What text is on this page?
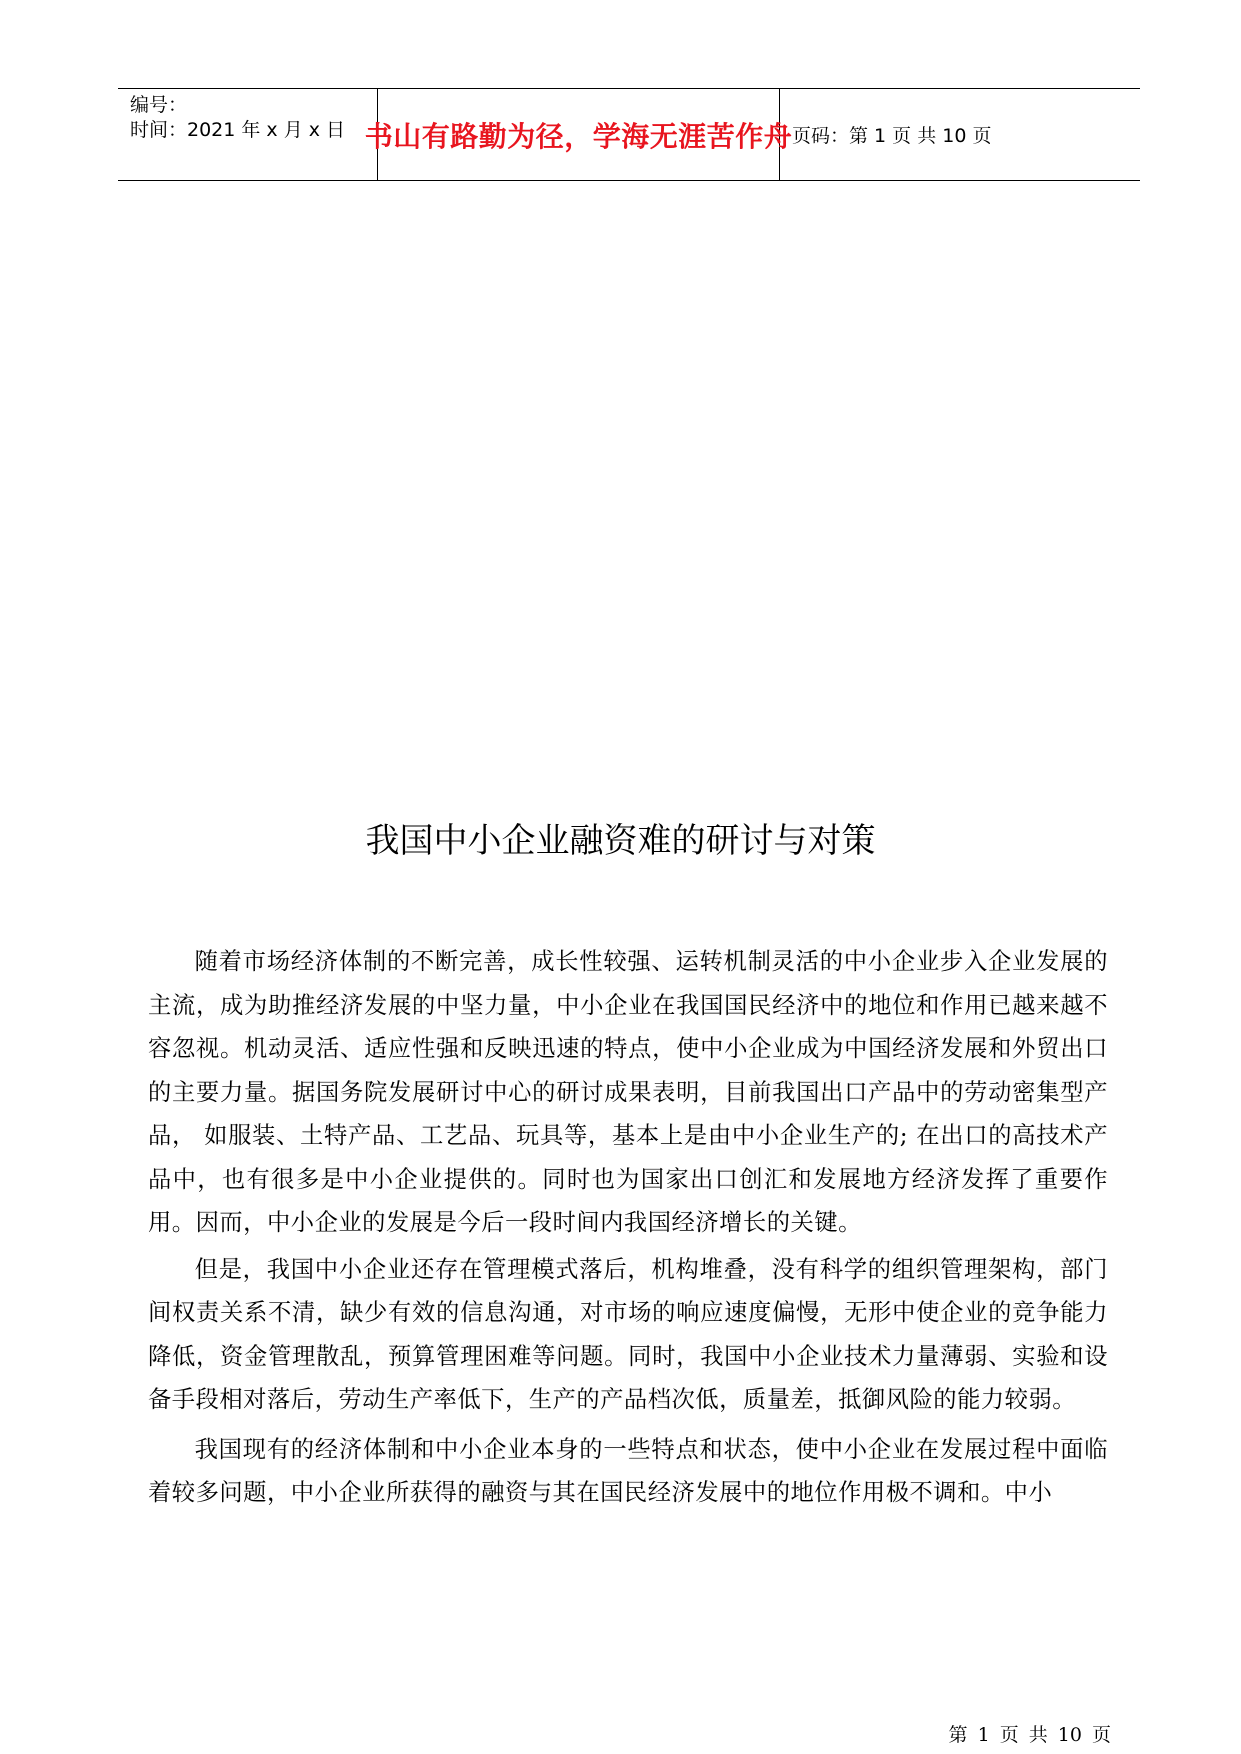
编号：
时间：2021 年 x 月 x 日 书山有路勤为径，学海无涯苦作舟 页码：第 1 页 共 10 页
我国中小企业融资难的研讨与对策

随着市场经济体制的不断完善，成长性较强、运转机制灵活的中小企业步入企业发展的主流，成为助推经济发展的中坚力量，中小企业在我国国民经济中的地位和作用已越来越不容忽视。机动灵活、适应性强和反映迅速的特点，使中小企业成为中国经济发展和外贸出口的主要力量。据国务院发展研讨中心的研讨成果表明，目前我国出口产品中的劳动密集型产品， 如服装、土特产品、工艺品、玩具等，基本上是由中小企业生产的; 在出口的高技术产品中，也有很多是中小企业提供的。同时也为国家出口创汇和发展地方经济发挥了重要作用。因而，中小企业的发展是今后一段时间内我国经济增长的关键。

但是，我国中小企业还存在管理模式落后，机构堆叠，没有科学的组织管理架构，部门间权责关系不清，缺少有效的信息沟通，对市场的响应速度偏慢，无形中使企业的竞争能力降低，资金管理散乱，预算管理困难等问题。同时，我国中小企业技术力量薄弱、实验和设备手段相对落后，劳动生产率低下，生产的产品档次低，质量差，抵御风险的能力较弱。

我国现有的经济体制和中小企业本身的一些特点和状态，使中小企业在发展过程中面临着较多问题，中小企业所获得的融资与其在国民经济发展中的地位作用极不调和。中小

第 1 页 共 10 页
